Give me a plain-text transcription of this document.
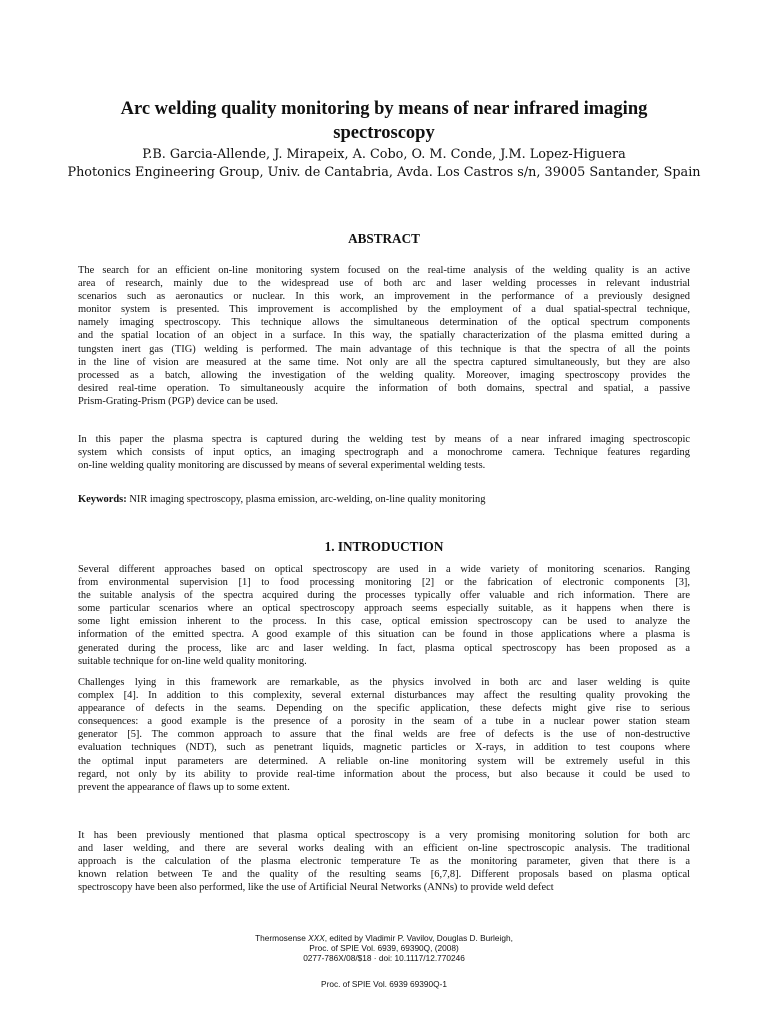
Arc welding quality monitoring by means of near infrared imaging spectroscopy
P.B. Garcia-Allende, J. Mirapeix, A. Cobo, O. M. Conde, J.M. Lopez-Higuera
Photonics Engineering Group, Univ. de Cantabria, Avda. Los Castros s/n, 39005 Santander, Spain
ABSTRACT
The search for an efficient on-line monitoring system focused on the real-time analysis of the welding quality is an active
area of research, mainly due to the widespread use of both arc and laser welding processes in relevant industrial
scenarios such as aeronautics or nuclear. In this work, an improvement in the performance of a previously designed
monitor system is presented. This improvement is accomplished by the employment of a dual spatial-spectral technique,
namely imaging spectroscopy. This technique allows the simultaneous determination of the optical spectrum components
and the spatial location of an object in a surface. In this way, the spatially characterization of the plasma emitted during a
tungsten inert gas (TIG) welding is performed. The main advantage of this technique is that the spectra of all the points
in the line of vision are measured at the same time. Not only are all the spectra captured simultaneously, but they are also
processed as a batch, allowing the investigation of the welding quality. Moreover, imaging spectroscopy provides the
desired real-time operation. To simultaneously acquire the information of both domains, spectral and spatial, a passive
Prism-Grating-Prism (PGP) device can be used.
In this paper the plasma spectra is captured during the welding test by means of a near infrared imaging spectroscopic
system which consists of input optics, an imaging spectrograph and a monochrome camera. Technique features regarding
on-line welding quality monitoring are discussed by means of several experimental welding tests.
Keywords: NIR imaging spectroscopy, plasma emission, arc-welding, on-line quality monitoring
1. INTRODUCTION
Several different approaches based on optical spectroscopy are used in a wide variety of monitoring scenarios. Ranging
from environmental supervision [1] to food processing monitoring [2] or the fabrication of electronic components [3],
the suitable analysis of the spectra acquired during the processes typically offer valuable and rich information. There are
some particular scenarios where an optical spectroscopy approach seems especially suitable, as it happens when there is
some light emission inherent to the process. In this case, optical emission spectroscopy can be used to analyze the
information of the emitted spectra. A good example of this situation can be found in those applications where a plasma is
generated during the process, like arc and laser welding. In fact, plasma optical spectroscopy has been proposed as a
suitable technique for on-line weld quality monitoring.
Challenges lying in this framework are remarkable, as the physics involved in both arc and laser welding is quite
complex [4]. In addition to this complexity, several external disturbances may affect the resulting quality provoking the
appearance of defects in the seams. Depending on the specific application, these defects might give rise to serious
consequences: a good example is the presence of a porosity in the seam of a tube in a nuclear power station steam
generator [5]. The common approach to assure that the final welds are free of defects is the use of non-destructive
evaluation techniques (NDT), such as penetrant liquids, magnetic particles or X-rays, in addition to test coupons where
the optimal input parameters are determined. A reliable on-line monitoring system will be extremely useful in this
regard, not only by its ability to provide real-time information about the process, but also because it could be used to
prevent the appearance of flaws up to some extent.
It has been previously mentioned that plasma optical spectroscopy is a very promising monitoring solution for both arc
and laser welding, and there are several works dealing with an efficient on-line spectroscopic analysis. The traditional
approach is the calculation of the plasma electronic temperature Te as the monitoring parameter, given that there is a
known relation between Te and the quality of the resulting seams [6,7,8]. Different proposals based on plasma optical
spectroscopy have been also performed, like the use of Artificial Neural Networks (ANNs) to provide weld defect
Thermosense XXX, edited by Vladimir P. Vavilov, Douglas D. Burleigh,
Proc. of SPIE Vol. 6939, 69390Q, (2008)
0277-786X/08/$18 · doi: 10.1117/12.770246
Proc. of SPIE Vol. 6939 69390Q-1
